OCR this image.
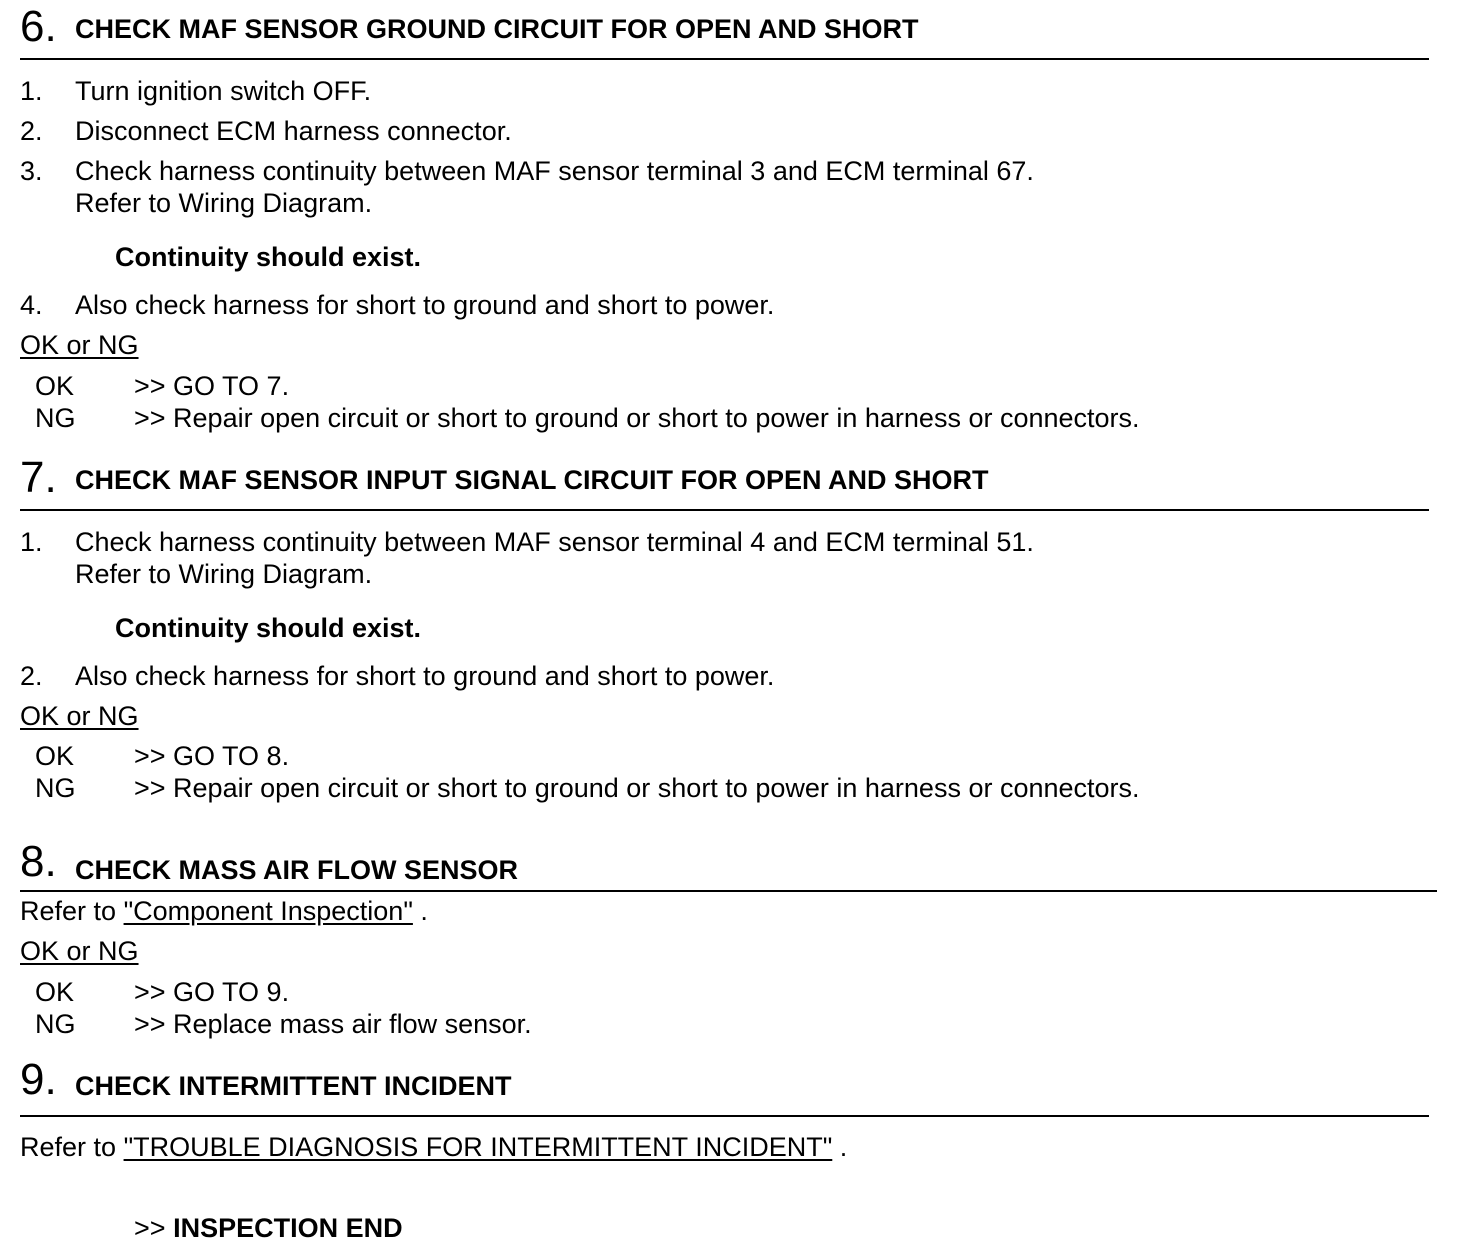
6. CHECK MAF SENSOR GROUND CIRCUIT FOR OPEN AND SHORT
1. Turn ignition switch OFF.
2. Disconnect ECM harness connector.
3. Check harness continuity between MAF sensor terminal 3 and ECM terminal 67.
Refer to Wiring Diagram.
Continuity should exist.
4. Also check harness for short to ground and short to power.
OK or NG
OK >> GO TO 7.
NG >> Repair open circuit or short to ground or short to power in harness or connectors.
7. CHECK MAF SENSOR INPUT SIGNAL CIRCUIT FOR OPEN AND SHORT
1. Check harness continuity between MAF sensor terminal 4 and ECM terminal 51.
Refer to Wiring Diagram.
Continuity should exist.
2. Also check harness for short to ground and short to power.
OK or NG
OK >> GO TO 8.
NG >> Repair open circuit or short to ground or short to power in harness or connectors.
8. CHECK MASS AIR FLOW SENSOR
Refer to "Component Inspection" .
OK or NG
OK >> GO TO 9.
NG >> Replace mass air flow sensor.
9. CHECK INTERMITTENT INCIDENT
Refer to "TROUBLE DIAGNOSIS FOR INTERMITTENT INCIDENT" .
>> INSPECTION END
